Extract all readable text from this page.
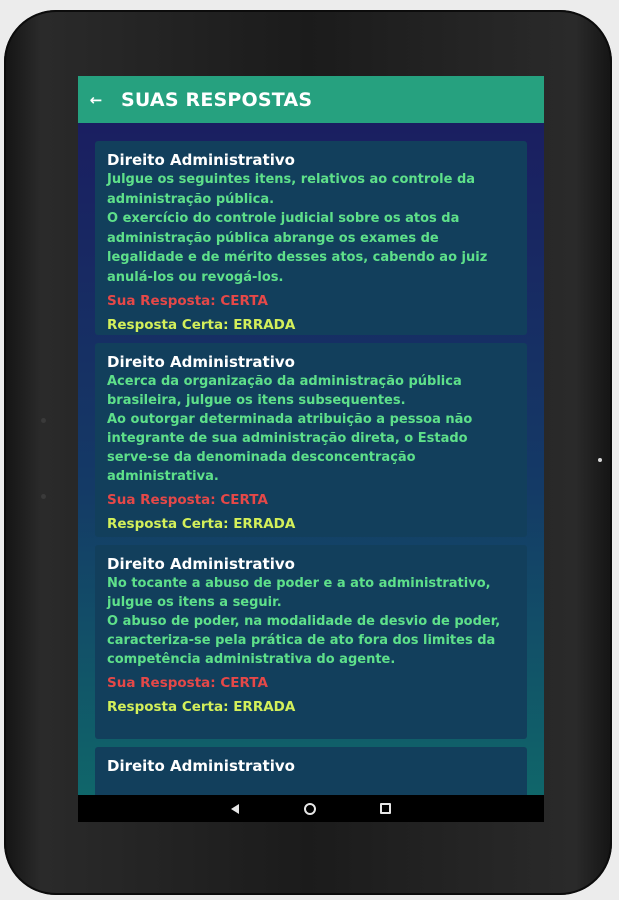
← SUAS RESPOSTAS
Direito Administrativo
Julgue os seguintes itens, relativos ao controle da administração pública.
O exercício do controle judicial sobre os atos da administração pública abrange os exames de legalidade e de mérito desses atos, cabendo ao juiz anulá-los ou revogá-los.
Sua Resposta: CERTA
Resposta Certa: ERRADA
Direito Administrativo
Acerca da organização da administração pública brasileira, julgue os itens subsequentes.
Ao outorgar determinada atribuição a pessoa não integrante de sua administração direta, o Estado serve-se da denominada desconcentração administrativa.
Sua Resposta: CERTA
Resposta Certa: ERRADA
Direito Administrativo
No tocante a abuso de poder e a ato administrativo, julgue os itens a seguir.
O abuso de poder, na modalidade de desvio de poder, caracteriza-se pela prática de ato fora dos limites da competência administrativa do agente.
Sua Resposta: CERTA
Resposta Certa: ERRADA
Direito Administrativo
